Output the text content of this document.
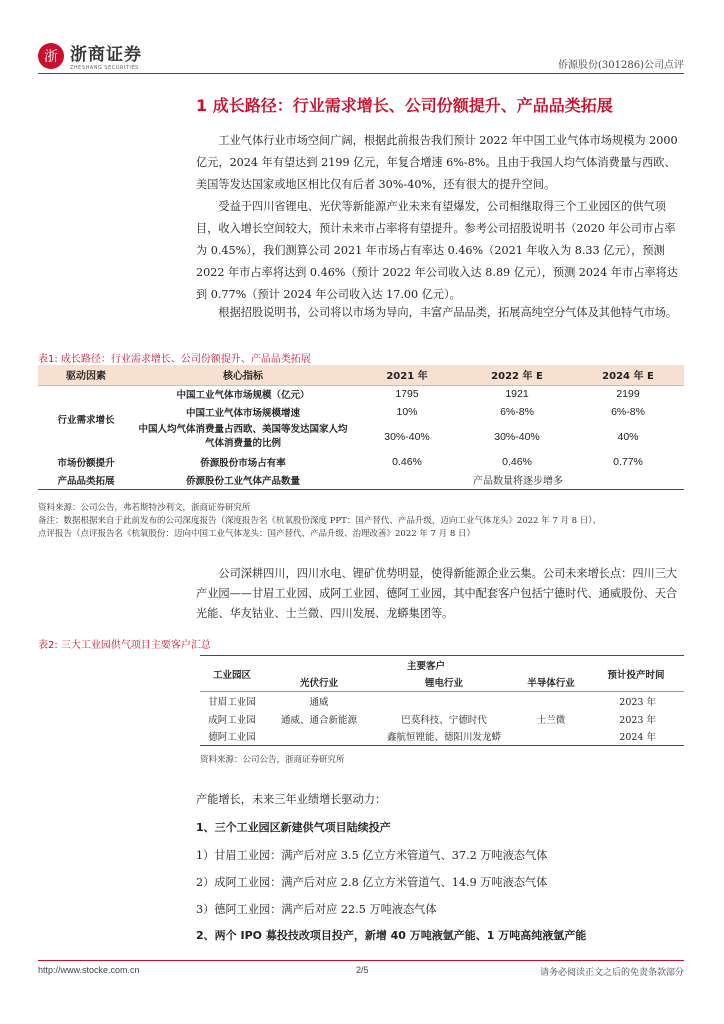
浙 浙商证券
ZHESHANG SECURITIES	侨源股份(301286)公司点评
1 成长路径：行业需求增长、公司份额提升、产品品类拓展

工业气体行业市场空间广阔，根据此前报告我们预计 2022 年中国工业气体市场规模为 2000 亿元，2024 年有望达到 2199 亿元，年复合增速 6%-8%。且由于我国人均气体消费量与西欧、美国等发达国家或地区相比仅有后者 30%-40%，还有很大的提升空间。

受益于四川省锂电、光伏等新能源产业未来有望爆发，公司相继取得三个工业园区的供气项目，收入增长空间较大，预计未来市占率将有望提升。参考公司招股说明书（2020 年公司市占率为 0.45%），我们测算公司 2021 年市场占有率达 0.46%（2021 年收入为 8.33 亿元），预测 2022 年市占率将达到 0.46%（预计 2022 年公司收入达 8.89 亿元），预测 2024 年市占率将达到 0.77%（预计 2024 年公司收入达 17.00 亿元）。

根据招股说明书，公司将以市场为导向，丰富产品品类，拓展高纯空分气体及其他特气市场。

表1: 成长路径：行业需求增长、公司份额提升、产品品类拓展
驱动因素	核心指标	2021 年	2022 年 E	2024 年 E
行业需求增长	中国工业气体市场规模（亿元）	1795	1921	2199
	中国工业气体市场规模增速	10%	6%-8%	6%-8%
	中国人均气体消费量占西欧、美国等发达国家人均气体消费量的比例	30%-40%	30%-40%	40%
市场份额提升	侨源股份市场占有率	0.46%	0.46%	0.77%
产品品类拓展	侨源股份工业气体产品数量	产品数量将逐步增多		
资料来源：公司公告，弗若斯特沙利文，浙商证券研究所
备注：数据根据来自于此前发布的公司深度报告（深度报告名《杭氧股份深度 PPT：国产替代、产品升级，迈向工业气体龙头》2022 年 7 月 8 日）、
点评报告（点评报告名《杭氧股份：迈向中国工业气体龙头：国产替代、产品升级、治理改善》2022 年 7 月 8 日）

公司深耕四川，四川水电、锂矿优势明显，使得新能源企业云集。公司未来增长点：四川三大产业园——甘眉工业园、成阿工业园、德阿工业园，其中配套客户包括宁德时代、通威股份、天合光能、华友钴业、士兰微、四川发展、龙蟒集团等。

表2: 三大工业园供气项目主要客户汇总
工业园区	主要客户			预计投产时间
	光伏行业	锂电行业	半导体行业	
甘眉工业园	通威			2023 年
成阿工业园	通威、通合新能源	巴莫科技、宁德时代	士兰微	2023 年
德阿工业园		鑫航恒锂能、德阳川发龙蟒		2024 年
资料来源：公司公告，浙商证券研究所
产能增长，未来三年业绩增长驱动力：
1、三个工业园区新建供气项目陆续投产
1）甘眉工业园：满产后对应 3.5 亿立方米管道气、37.2 万吨液态气体
2）成阿工业园：满产后对应 2.8 亿立方米管道气、14.9 万吨液态气体
3）德阿工业园：满产后对应 22.5 万吨液态气体
2、两个 IPO 募投技改项目投产，新增 40 万吨液氩产能、1 万吨高纯液氩产能
http://www.stocke.com.cn	2/5	请务必阅读正文之后的免责条款部分
